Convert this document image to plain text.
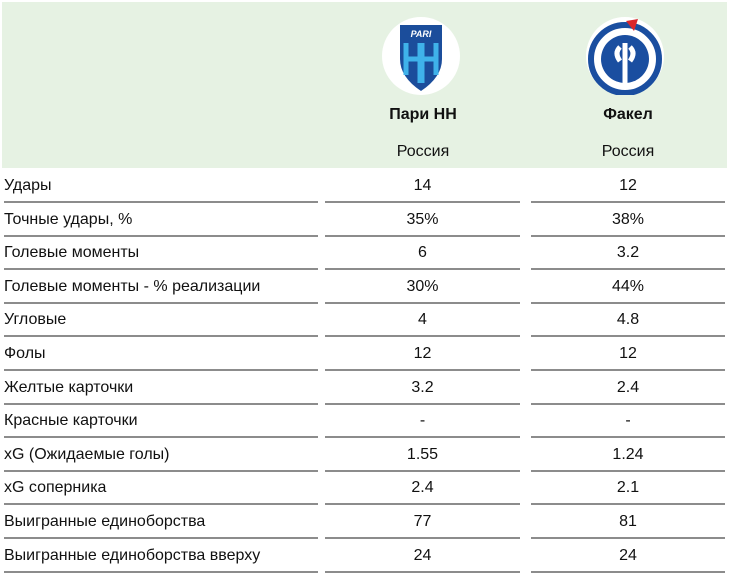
PARI
Пари НН	Факел
Россия	Россия
Удары	14	12
Точные удары, %	35%	38%
Голевые моменты	6	3.2
Голевые моменты - % реализации	30%	44%
Угловые	4	4.8
Фолы	12	12
Желтые карточки	3.2	2.4
Красные карточки	-	-
xG (Ожидаемые голы)	1.55	1.24
xG соперника	2.4	2.1
Выигранные единоборства	77	81
Выигранные единоборства вверху	24	24
